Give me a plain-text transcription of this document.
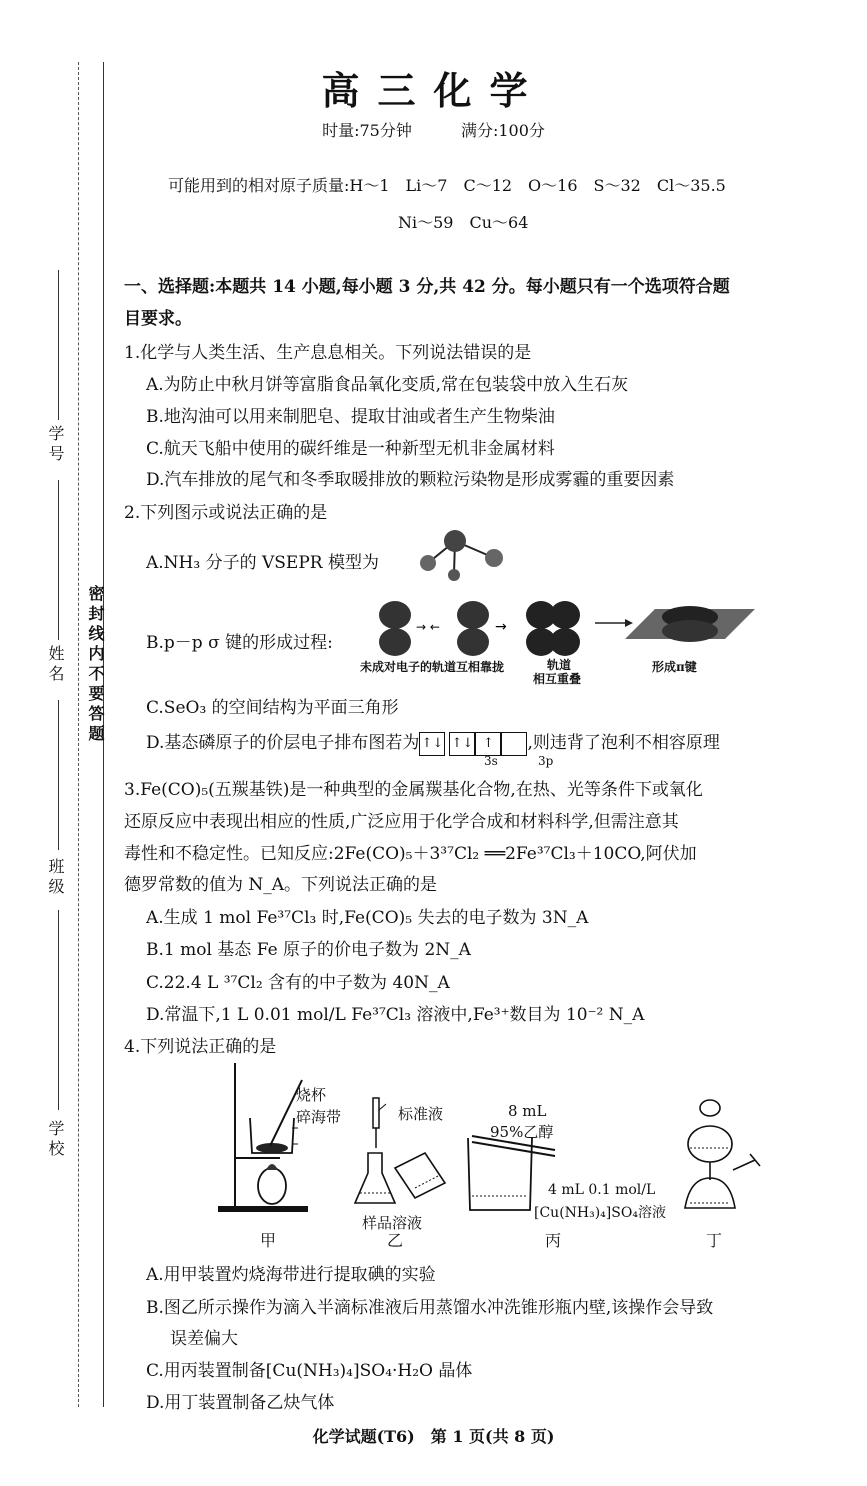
密封线内不要答题
学号
姓名
班级
学校
高三化学
时量:75分钟	满分:100分
可能用到的相对原子质量:H～1　Li～7　C～12　O～16　S～32　Cl～35.5
Ni～59　Cu～64
一、选择题:本题共 14 小题,每小题 3 分,共 42 分。每小题只有一个选项符合题
目要求。
1.化学与人类生活、生产息息相关。下列说法错误的是
A.为防止中秋月饼等富脂食品氧化变质,常在包装袋中放入生石灰
B.地沟油可以用来制肥皂、提取甘油或者生产生物柴油
C.航天飞船中使用的碳纤维是一种新型无机非金属材料
D.汽车排放的尾气和冬季取暖排放的颗粒污染物是形成雾霾的重要因素
2.下列图示或说法正确的是
A.NH₃ 分子的 VSEPR 模型为
B.p－p σ 键的形成过程:
→ ←	→
未成对电子的轨道互相靠拢	轨道
相互重叠
形成π键
C.SeO₃ 的空间结构为平面三角形
D.基态磷原子的价层电子排布图若为 ↑↓ ↑↓ ↑ ,则违背了泡利不相容原理
3s	3p
3.Fe(CO)₅(五羰基铁)是一种典型的金属羰基化合物,在热、光等条件下或氧化
还原反应中表现出相应的性质,广泛应用于化学合成和材料科学,但需注意其
毒性和不稳定性。已知反应:2Fe(CO)₅＋3³⁷Cl₂ ══2Fe³⁷Cl₃＋10CO,阿伏加
德罗常数的值为 N_A。下列说法正确的是
A.生成 1 mol Fe³⁷Cl₃ 时,Fe(CO)₅ 失去的电子数为 3N_A
B.1 mol 基态 Fe 原子的价电子数为 2N_A
C.22.4 L ³⁷Cl₂ 含有的中子数为 40N_A
D.常温下,1 L 0.01 mol/L Fe³⁷Cl₃ 溶液中,Fe³⁺数目为 10⁻² N_A
4.下列说法正确的是
烧杯
碎海带	标准液
样品溶液
8 mL
95%乙醇
4 mL 0.1 mol/L
[Cu(NH₃)₄]SO₄溶液
甲	乙	丙	丁
A.用甲装置灼烧海带进行提取碘的实验
B.图乙所示操作为滴入半滴标准液后用蒸馏水冲洗锥形瓶内壁,该操作会导致
误差偏大
C.用丙装置制备[Cu(NH₃)₄]SO₄·H₂O 晶体
D.用丁装置制备乙炔气体
化学试题(T6)　第 1 页(共 8 页)
